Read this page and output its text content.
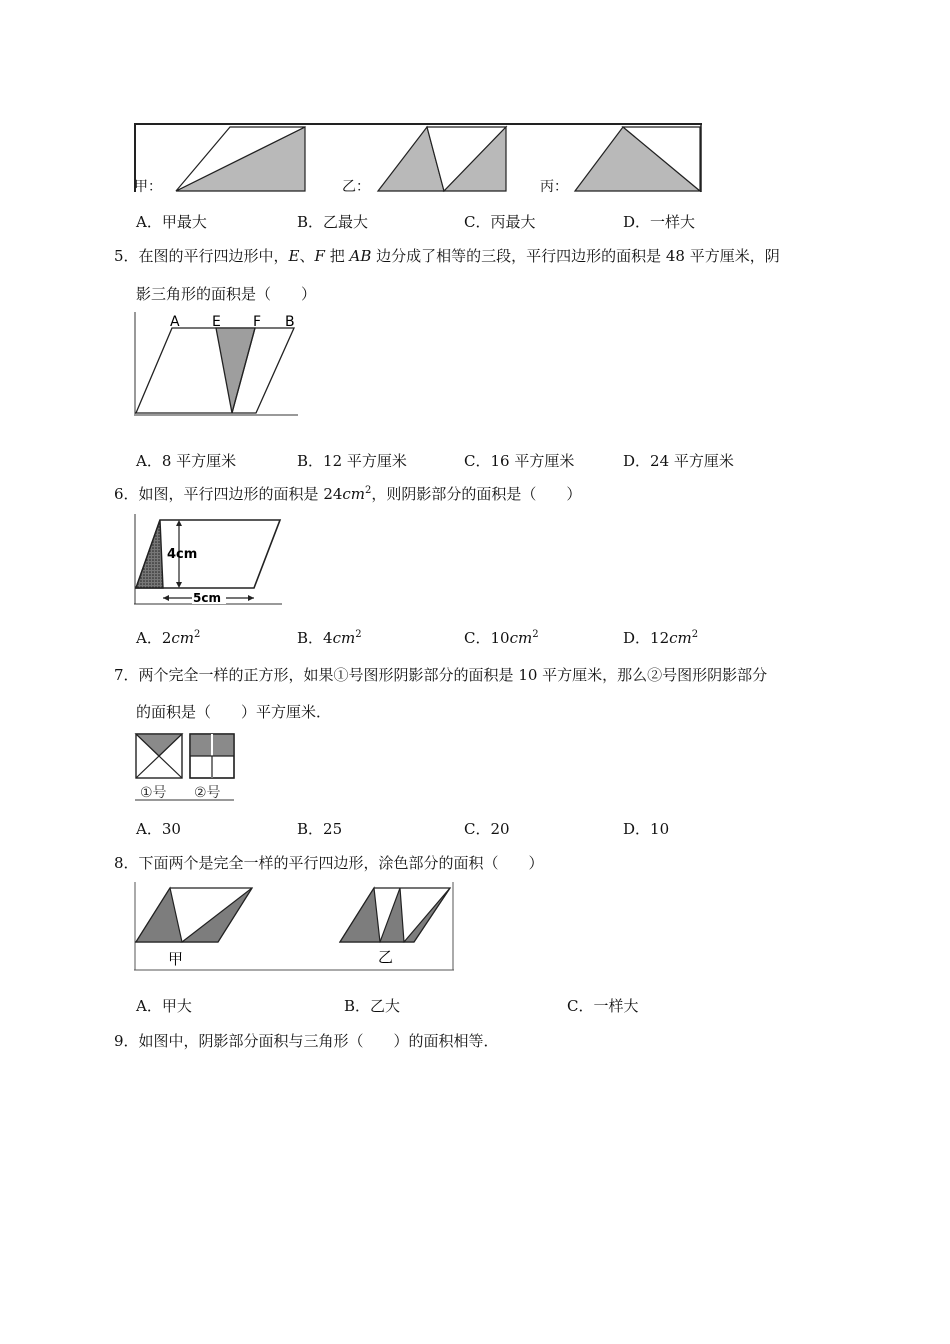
甲：	乙：	丙：
A．甲最大	B．乙最大	C．丙最大	D．一样大
5．在图的平行四边形中，E、F 把 AB 边分成了相等的三段，平行四边形的面积是 48 平方厘米，阴
影三角形的面积是（　　）
A E F B
A．8 平方厘米	B．12 平方厘米	C．16 平方厘米	D．24 平方厘米
6．如图，平行四边形的面积是 $24cm^2$，则阴影部分的面积是（　　）
4cm
5cm
A．$2cm^2$	B．$4cm^2$	C．$10cm^2$	D．$12cm^2$
7．两个完全一样的正方形，如果①号图形阴影部分的面积是 10 平方厘米，那么②号图形阴影部分
的面积是（　　）平方厘米．
①号 ②号
A．30	B．25	C．20	D．10
8．下面两个是完全一样的平行四边形，涂色部分的面积（　　）
甲	乙
A．甲大	B．乙大	C．一样大
9．如图中，阴影部分面积与三角形（　　）的面积相等．
